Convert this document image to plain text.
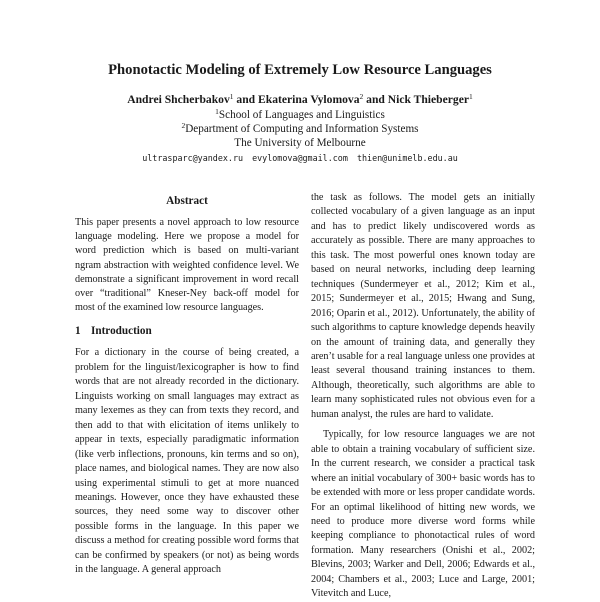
Phonotactic Modeling of Extremely Low Resource Languages
Andrei Shcherbakov$^1$ and Ekaterina Vylomova$^2$ and Nick Thieberger$^1$
$^1$School of Languages and Linguistics
$^2$Department of Computing and Information Systems
The University of Melbourne
ultrasparc@yandex.ru evylomova@gmail.com thien@unimelb.edu.au
Abstract

This paper presents a novel approach to low resource language modeling. Here we propose a model for word prediction which is based on multi-variant ngram abstraction with weighted confidence level. We demonstrate a significant improvement in word recall over “traditional” Kneser-Ney back-off model for most of the examined low resource languages.

1 Introduction

For a dictionary in the course of being created, a problem for the linguist/lexicographer is how to find words that are not already recorded in the dictionary. Linguists working on small languages may extract as many lexemes as they can from texts they record, and then add to that with elicitation of items unlikely to appear in texts, especially paradigmatic information (like verb inflections, pronouns, kin terms and so on), place names, and biological names. They are now also using experimental stimuli to get at more nuanced meanings. However, once they have exhausted these sources, they need some way to discover other possible forms in the language. In this paper we discuss a method for creating possible word forms that can be confirmed by speakers (or not) as being words in the language. A general approach

the task as follows. The model gets an initially collected vocabulary of a given language as an input and has to predict likely undiscovered words as accurately as possible. There are many approaches to this task. The most powerful ones known today are based on neural networks, including deep learning techniques (Sundermeyer et al., 2012; Kim et al., 2015; Sundermeyer et al., 2015; Hwang and Sung, 2016; Oparin et al., 2012). Unfortunately, the ability of such algorithms to capture knowledge depends heavily on the amount of training data, and generally they aren’t usable for a real language unless one provides at least several thousand training instances to them. Although, theoretically, such algorithms are able to learn many sophisticated rules not obvious even for a human analyst, the rules are hard to validate.

Typically, for low resource languages we are not able to obtain a training vocabulary of sufficient size. In the current research, we consider a practical task where an initial vocabulary of 300+ basic words has to be extended with more or less proper candidate words. For an optimal likelihood of hitting new words, we need to produce more diverse word forms while keeping compliance to phonotactical rules of word formation. Many researchers (Onishi et al., 2002; Blevins, 2003; Warker and Dell, 2006; Edwards et al., 2004; Chambers et al., 2003; Luce and Large, 2001; Vitevitch and Luce,
